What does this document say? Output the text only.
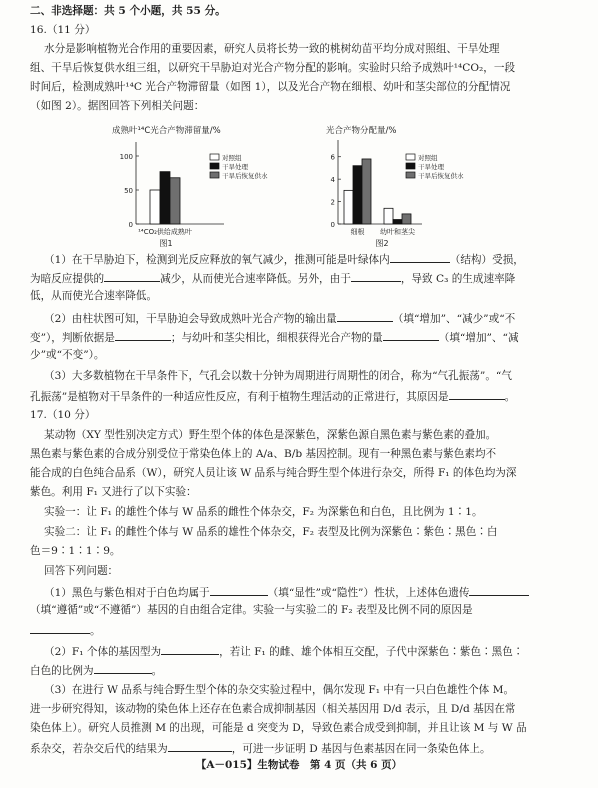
二、非选择题：共 5 个小题，共 55 分。
16.（11 分）
水分是影响植物光合作用的重要因素，研究人员将长势一致的桃树幼苗平均分成对照组、干旱处理
组、干旱后恢复供水组三组，以研究干旱胁迫对光合产物分配的影响。实验时只给予成熟叶¹⁴CO₂，一段
时间后，检测成熟叶¹⁴C 光合产物滞留量（如图 1），以及光合产物在细根、幼叶和茎尖部位的分配情况
（如图 2）。据图回答下列相关问题：
成熟叶¹⁴C光合产物滞留量/%
0
50
100
¹⁴CO₂供给成熟叶
对照组
干旱处理
干旱后恢复供水
图1
光合产物分配量/%
0
2
4
6
细根 幼叶和茎尖
对照组
干旱处理
干旱后恢复供水
图2
（1）在干旱胁迫下，检测到光反应释放的氧气减少，推测可能是叶绿体内	（结构）受损，
为暗反应提供的	减少，从而使光合速率降低。另外，由于	，导致 C₃ 的生成速率降
低，从而使光合速率降低。
（2）由柱状图可知，干旱胁迫会导致成熟叶光合产物的输出量	（填“增加”、“减少”或“不
变”），判断依据是	；与幼叶和茎尖相比，细根获得光合产物的量	（填“增加”、“减
少”或“不变”）。
（3）大多数植物在干旱条件下，气孔会以数十分钟为周期进行周期性的闭合，称为“气孔振荡”。“气
孔振荡”是植物对干旱条件的一种适应性反应，有利于植物生理活动的正常进行，其原因是	。
17.（10 分）
某动物（XY 型性别决定方式）野生型个体的体色是深紫色，深紫色源自黑色素与紫色素的叠加。
黑色素与紫色素的合成分别受位于常染色体上的 A/a、B/b 基因控制。现有一种黑色素与紫色素均不
能合成的白色纯合品系（W），研究人员让该 W 品系与纯合野生型个体进行杂交，所得 F₁ 的体色均为深
紫色。利用 F₁ 又进行了以下实验：
实验一：让 F₁ 的雄性个体与 W 品系的雌性个体杂交，F₂ 为深紫色和白色，且比例为 1∶1。
实验二：让 F₁ 的雌性个体与 W 品系的雄性个体杂交，F₂ 表型及比例为深紫色∶紫色∶黑色∶白
色＝9∶1∶1∶9。
回答下列问题：
（1）黑色与紫色相对于白色均属于	（填“显性”或“隐性”）性状，上述体色遗传
（填“遵循”或“不遵循”）基因的自由组合定律。实验一与实验二的 F₂ 表型及比例不同的原因是
。
（2）F₁ 个体的基因型为	，若让 F₁ 的雌、雄个体相互交配，子代中深紫色∶紫色∶黑色∶
白色的比例为	。
（3）在进行 W 品系与纯合野生型个体的杂交实验过程中，偶尔发现 F₁ 中有一只白色雄性个体 M。
进一步研究得知，该动物的染色体上还存在色素合成抑制基因（相关基因用 D/d 表示，且 D/d 基因在常
染色体上）。研究人员推测 M 的出现，可能是 d 突变为 D，导致色素合成受到抑制，并且让该 M 与 W 品
系杂交，若杂交后代的结果为	，可进一步证明 D 基因与色素基因在同一条染色体上。
【A－015】生物试卷　第 4 页（共 6 页）
